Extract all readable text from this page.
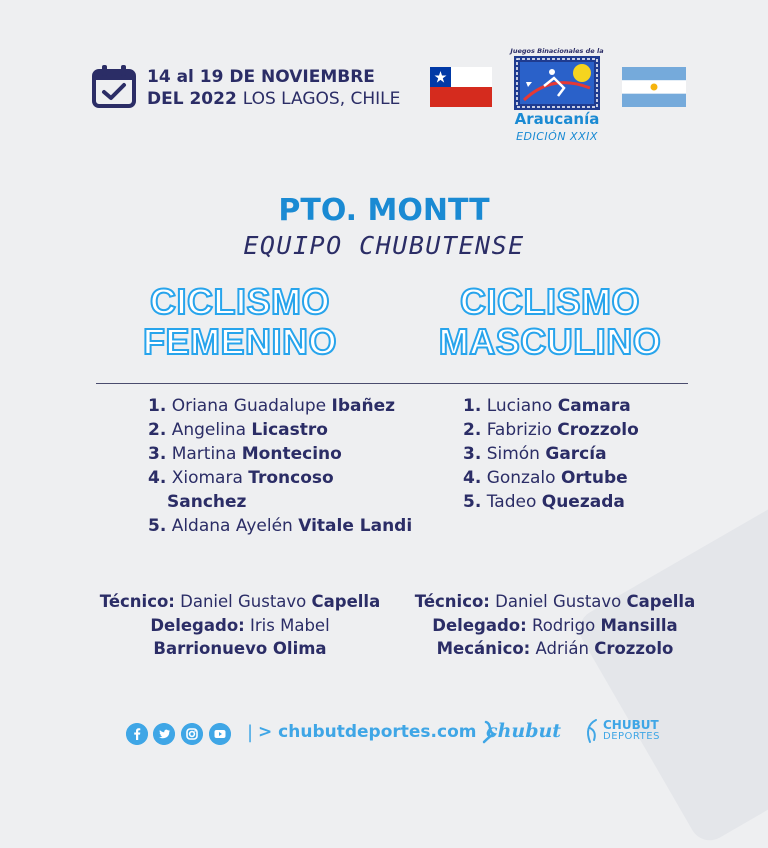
14 al 19 DE NOVIEMBRE
DEL 2022 LOS LAGOS, CHILE
Juegos Binacionales de la
Araucanía
EDICIÓN XXIX
PTO. MONTT
EQUIPO CHUBUTENSE
CICLISMO
FEMENINO
CICLISMO
MASCULINO
1. Oriana Guadalupe Ibañez
2. Angelina Licastro
3. Martina Montecino
4. Xiomara Troncoso
Sanchez
5. Aldana Ayelén Vitale Landi
1. Luciano Camara
2. Fabrizio Crozzolo
3. Simón García
4. Gonzalo Ortube
5. Tadeo Quezada
Técnico: Daniel Gustavo Capella
Delegado: Iris Mabel
Barrionuevo Olima
Técnico: Daniel Gustavo Capella
Delegado: Rodrigo Mansilla
Mecánico: Adrián Crozzolo
| > chubutdeportes.com chubut	CHUBUT
DEPORTES
